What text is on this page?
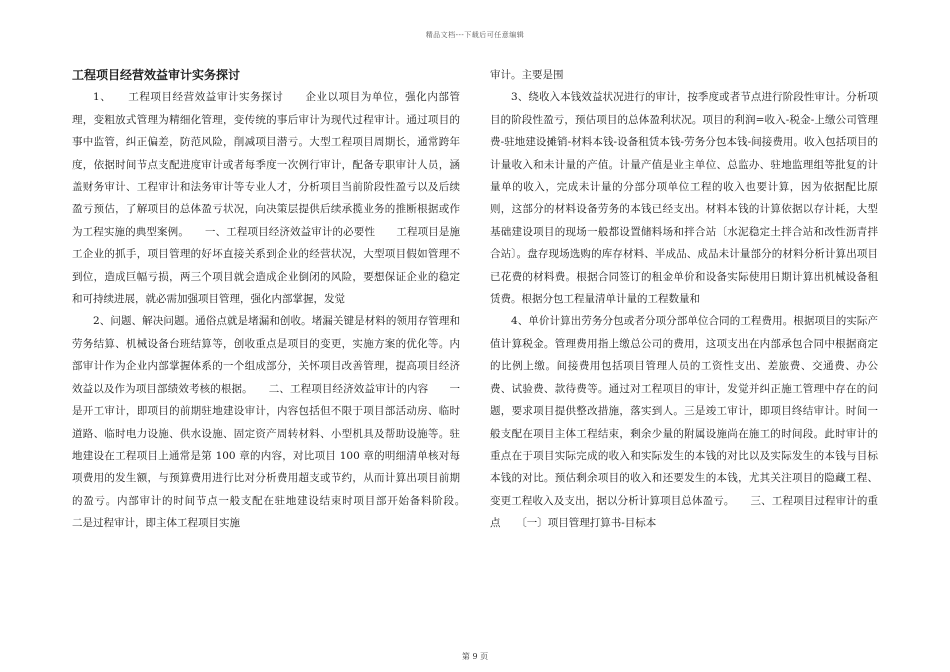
精品文档---下载后可任意编辑
工程项目经营效益审计实务探讨

1、　　工程项目经营效益审计实务探讨　　企业以项目为单位，强化内部管理，变粗放式管理为精细化管理，变传统的事后审计为现代过程审计。通过项目的事中监管，纠正偏差，防范风险，削减项目潜亏。大型工程项目周期长，通常跨年度，依据时间节点支配进度审计或者每季度一次例行审计，配备专职审计人员，涵盖财务审计、工程审计和法务审计等专业人才，分析项目当前阶段性盈亏以及后续盈亏预估，了解项目的总体盈亏状况，向决策层提供后续承揽业务的推断根据或作为工程实施的典型案例。　　一、工程项目经济效益审计的必要性　　工程项目是施工企业的抓手，项目管理的好坏直接关系到企业的经营状况，大型项目假如管理不到位，造成巨幅亏损，两三个项目就会造成企业倒闭的风险，要想保证企业的稳定和可持续进展，就必需加强项目管理，强化内部掌握，发觉

2、问题、解决问题。通俗点就是堵漏和创收。堵漏关键是材料的领用存管理和劳务结算、机械设备台班结算等，创收重点是项目的变更，实施方案的优化等。内部审计作为企业内部掌握体系的一个组成部分，关怀项目改善管理，提高项目经济效益以及作为项目部绩效考核的根据。　　二、工程项目经济效益审计的内容　　一是开工审计，即项目的前期驻地建设审计，内容包括但不限于项目部活动房、临时道路、临时电力设施、供水设施、固定资产周转材料、小型机具及帮助设施等。驻地建设在工程项目上通常是第 100 章的内容，对比项目 100 章的明细清单核对每项费用的发生额，与预算费用进行比对分析费用超支或节约，从而计算出项目前期的盈亏。内部审计的时间节点一般支配在驻地建设结束时项目部开始备料阶段。　　二是过程审计，即主体工程项目实施

审计。主要是围

3、绕收入本钱效益状况进行的审计，按季度或者节点进行阶段性审计。分析项目的阶段性盈亏，预估项目的总体盈利状况。项目的利润=收入-税金-上缴公司管理费-驻地建设摊销-材料本钱-设备租赁本钱-劳务分包本钱-间接费用。收入包括项目的计量收入和未计量的产值。计量产值是业主单位、总监办、驻地监理组等批复的计量单的收入，完成未计量的分部分项单位工程的收入也要计算，因为依据配比原则，这部分的材料设备劳务的本钱已经支出。材料本钱的计算依据以存计耗，大型基础建设项目的现场一般都设置储料场和拌合站〔水泥稳定土拌合站和改性沥青拌合站〕。盘存现场选购的库存材料、半成品、成品未计量部分的材料分析计算出项目已花费的材料费。根据合同签订的租金单价和设备实际使用日期计算出机械设备租赁费。根据分包工程量清单计量的工程数量和

4、单价计算出劳务分包或者分项分部单位合同的工程费用。根据项目的实际产值计算税金。管理费用指上缴总公司的费用，这项支出在内部承包合同中根据商定的比例上缴。间接费用包括项目管理人员的工资性支出、差旅费、交通费、办公费、试验费、款待费等。通过对工程项目的审计，发觉并纠正施工管理中存在的问题，要求项目提供整改措施，落实到人。三是竣工审计，即项目终结审计。时间一般支配在项目主体工程结束，剩余少量的附属设施尚在施工的时间段。此时审计的重点在于项目实际完成的收入和实际发生的本钱的对比以及实际发生的本钱与目标本钱的对比。预估剩余项目的收入和还要发生的本钱，尤其关注项目的隐藏工程、变更工程收入及支出，据以分析计算项目总体盈亏。　　三、工程项目过程审计的重点　　〔一〕项目管理打算书-目标本

第 9 页
